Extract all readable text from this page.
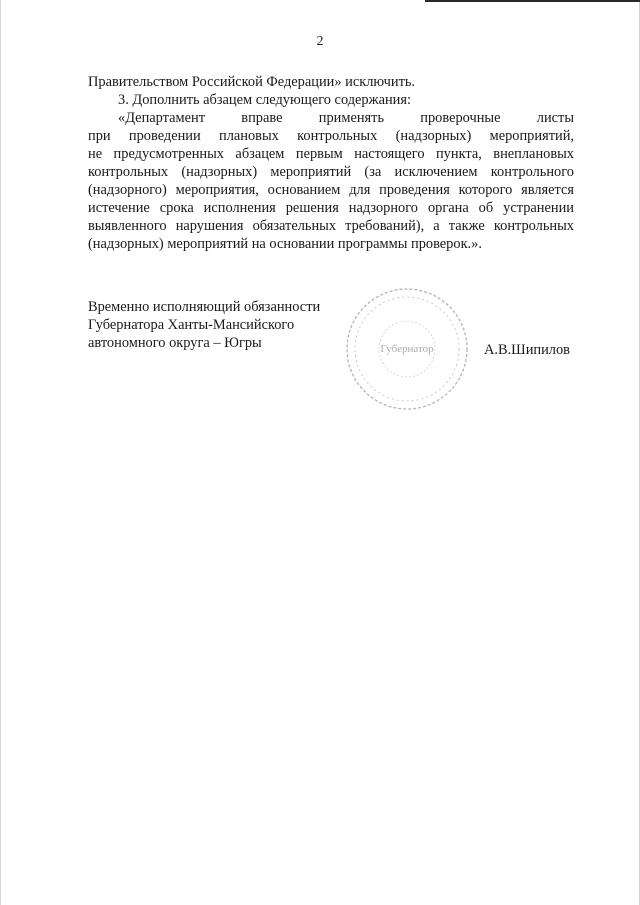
2
Правительством Российской Федерации» исключить.
3. Дополнить абзацем следующего содержания:
«Департамент вправе применять проверочные листы
при проведении плановых контрольных (надзорных) мероприятий,
не предусмотренных абзацем первым настоящего пункта, внеплановых
контрольных (надзорных) мероприятий (за исключением контрольного
(надзорного) мероприятия, основанием для проведения которого является
истечение срока исполнения решения надзорного органа об устранении
выявленного нарушения обязательных требований), а также контрольных
(надзорных) мероприятий на основании программы проверок.».
Временно исполняющий обязанности
Губернатора Ханты-Мансийского
автономного округа – Югры	Губернатор	А.В.Шипилов
